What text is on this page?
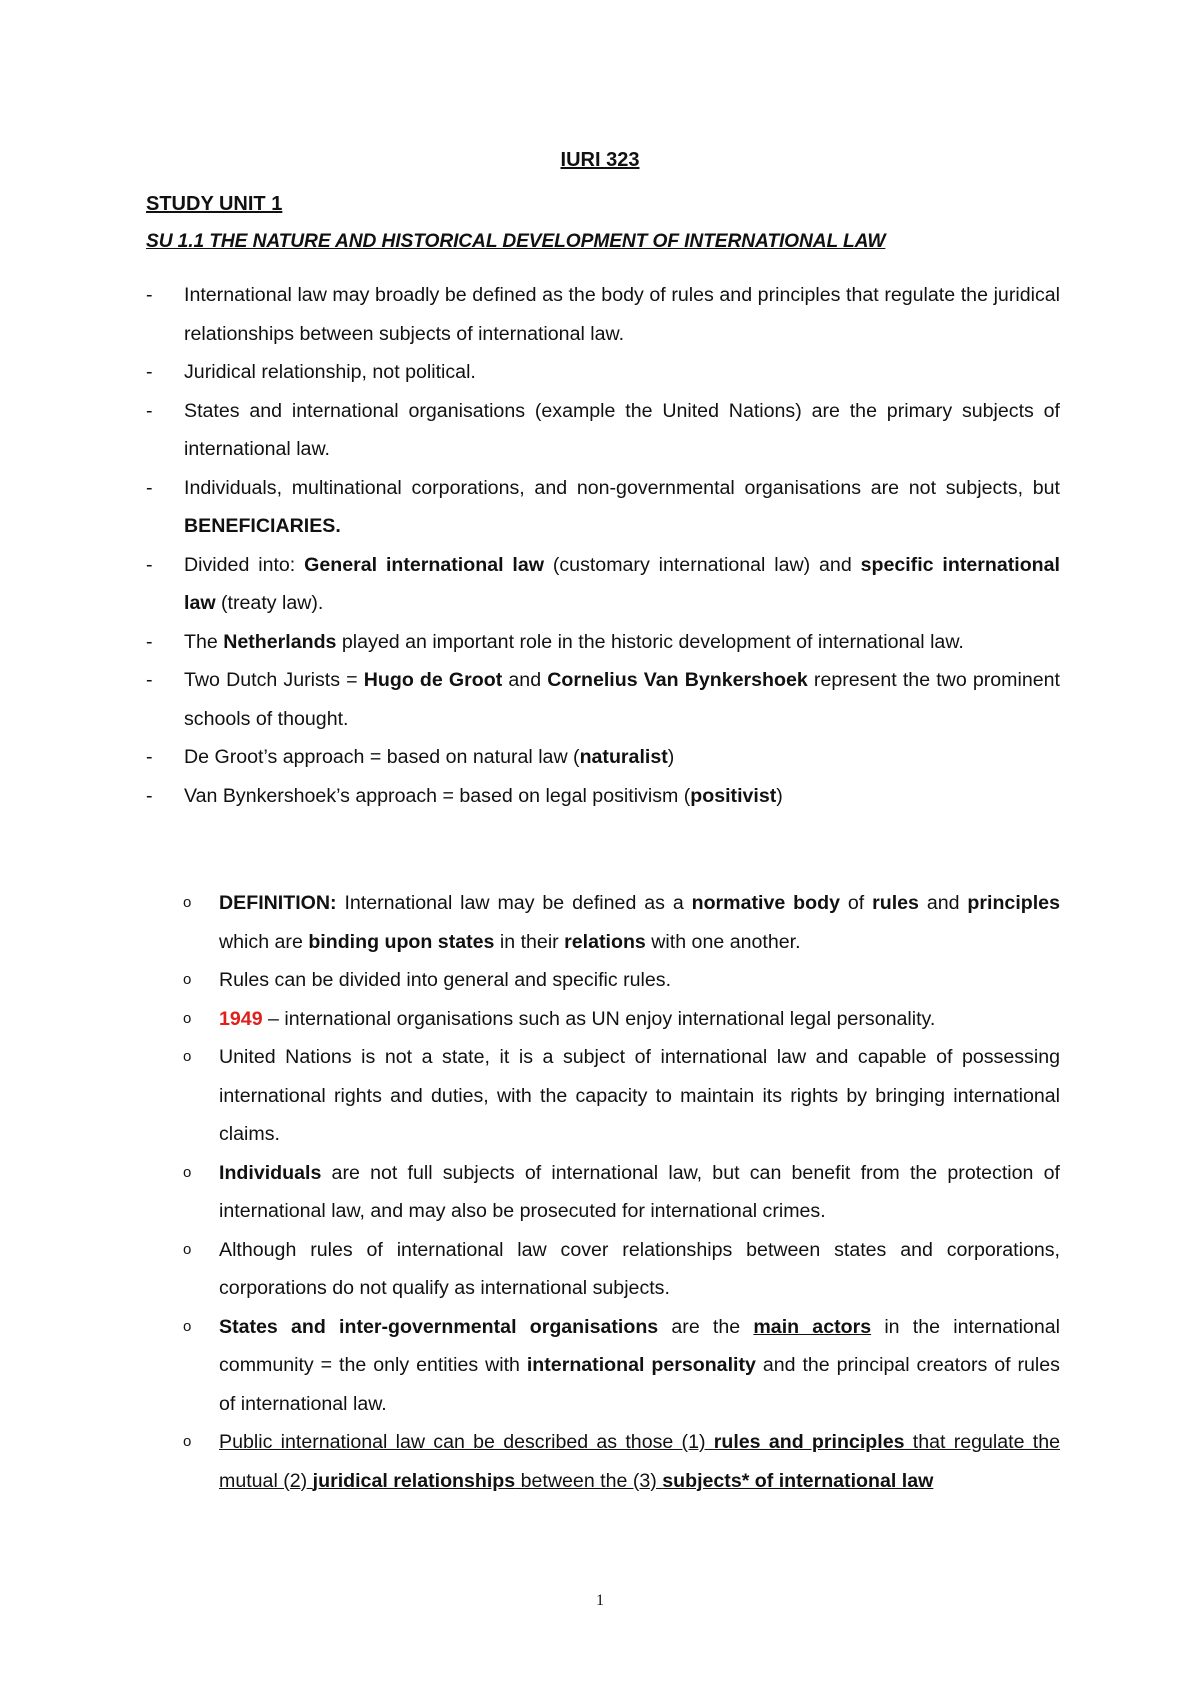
IURI 323
STUDY UNIT 1
SU 1.1 THE NATURE AND HISTORICAL DEVELOPMENT OF INTERNATIONAL LAW
- International law may broadly be defined as the body of rules and principles that regulate the juridical relationships between subjects of international law.
- Juridical relationship, not political.
- States and international organisations (example the United Nations) are the primary subjects of international law.
- Individuals, multinational corporations, and non-governmental organisations are not subjects, but BENEFICIARIES.
- Divided into: General international law (customary international law) and specific international law (treaty law).
- The Netherlands played an important role in the historic development of international law.
- Two Dutch Jurists = Hugo de Groot and Cornelius Van Bynkershoek represent the two prominent schools of thought.
- De Groot’s approach = based on natural law (naturalist)
- Van Bynkershoek’s approach = based on legal positivism (positivist)
o DEFINITION: International law may be defined as a normative body of rules and principles which are binding upon states in their relations with one another.
o Rules can be divided into general and specific rules.
o 1949 – international organisations such as UN enjoy international legal personality.
o United Nations is not a state, it is a subject of international law and capable of possessing international rights and duties, with the capacity to maintain its rights by bringing international claims.
o Individuals are not full subjects of international law, but can benefit from the protection of international law, and may also be prosecuted for international crimes.
o Although rules of international law cover relationships between states and corporations, corporations do not qualify as international subjects.
o States and inter-governmental organisations are the main actors in the international community = the only entities with international personality and the principal creators of rules of international law.
o Public international law can be described as those (1) rules and principles that regulate the mutual (2) juridical relationships between the (3) subjects* of international law
1
